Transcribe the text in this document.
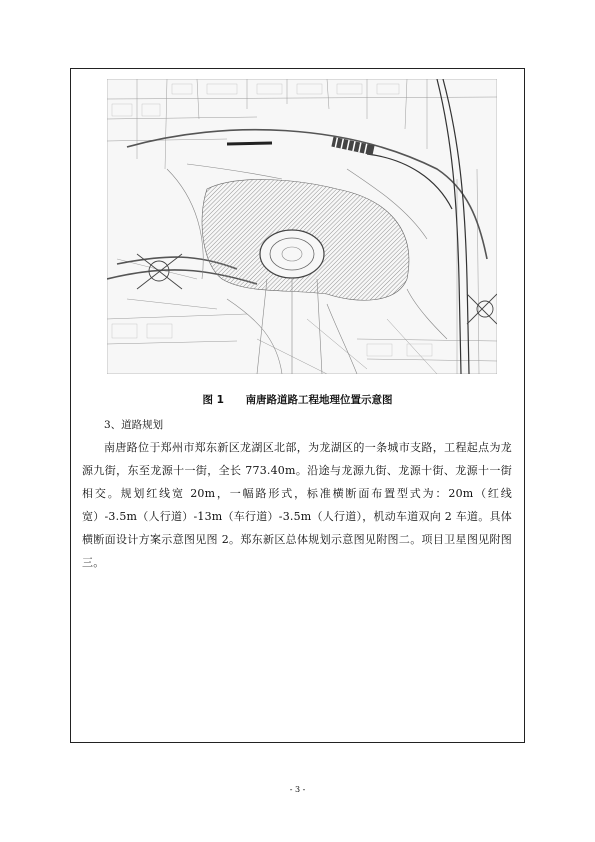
图 1 南唐路道路工程地理位置示意图
3、道路规划
南唐路位于郑州市郑东新区龙湖区北部，为龙湖区的一条城市支路，工程起点为龙源九街，东至龙源十一街，全长 773.40m。沿途与龙源九街、龙源十街、龙源十一街相交。规划红线宽 20m，一幅路形式，标准横断面布置型式为：20m（红线宽）-3.5m（人行道）-13m（车行道）-3.5m（人行道），机动车道双向 2 车道。具体横断面设计方案示意图见图 2。郑东新区总体规划示意图见附图二。项目卫星图见附图三。
- 3 -
